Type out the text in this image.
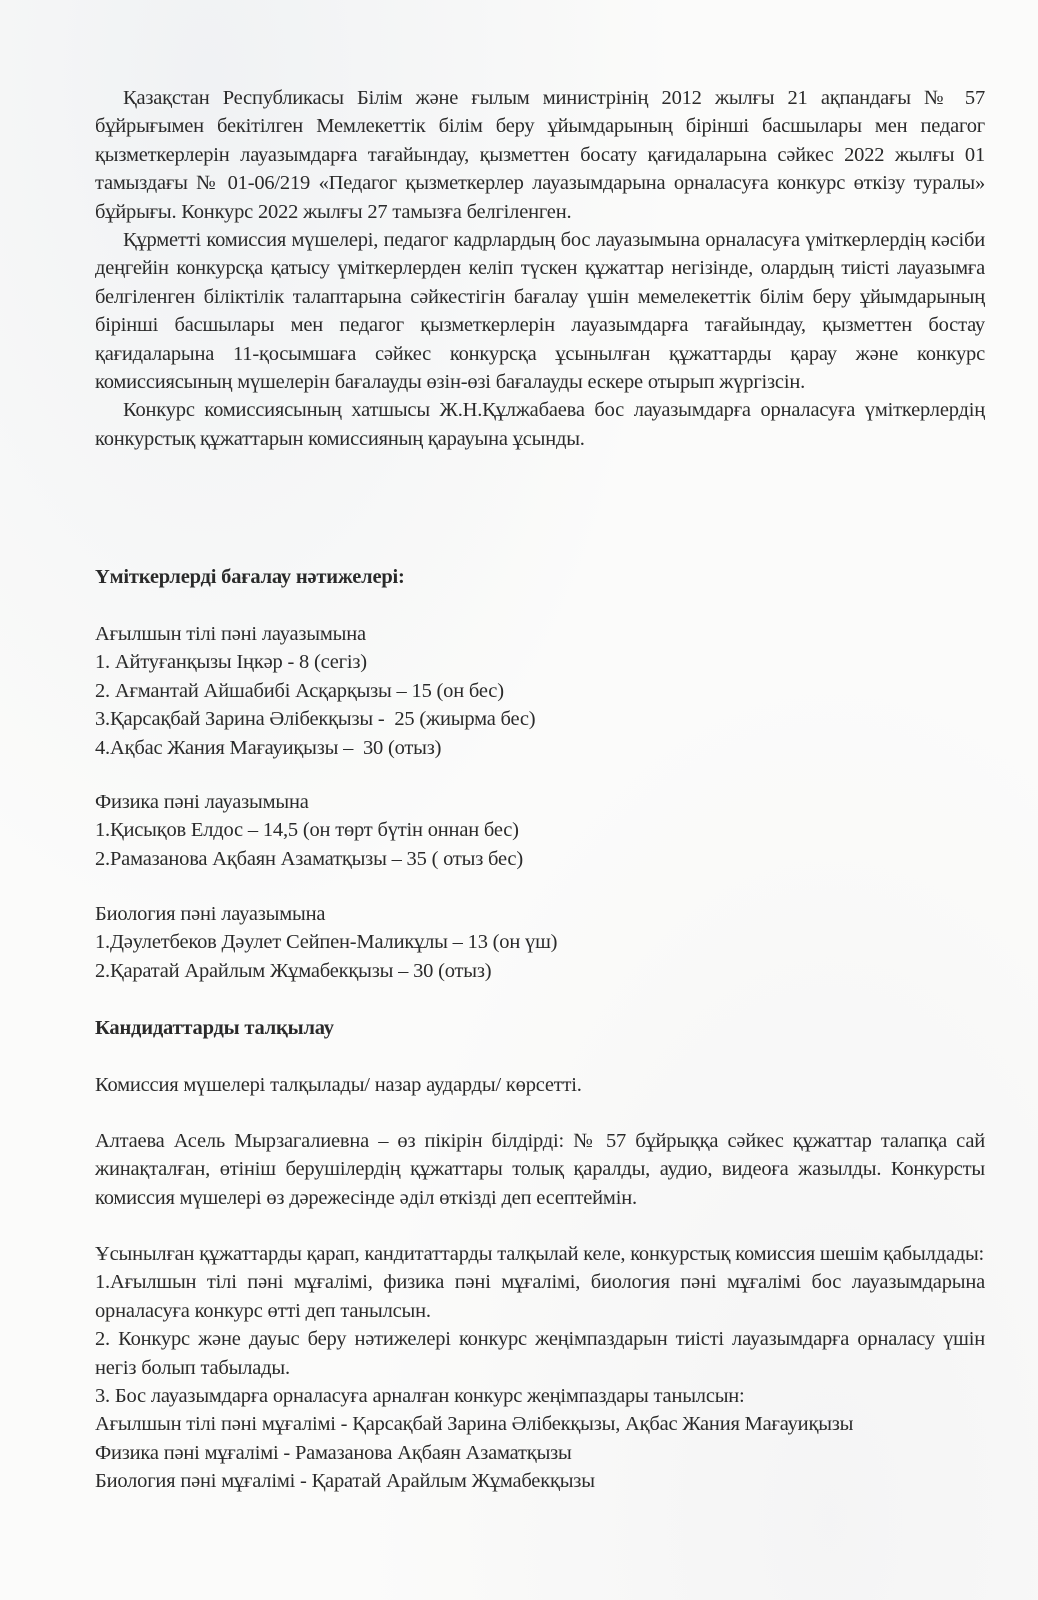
Қазақстан Республикасы Білім және ғылым министрінің 2012 жылғы 21 ақпандағы № 57 бұйрығымен бекітілген Мемлекеттік білім беру ұйымдарының бірінші басшылары мен педагог қызметкерлерін лауазымдарға тағайындау, қызметтен босату қағидаларына сәйкес 2022 жылғы 01 тамыздағы № 01-06/219 «Педагог қызметкерлер лауазымдарына орналасуға конкурс өткізу туралы» бұйрығы. Конкурс 2022 жылғы 27 тамызға белгіленген.

Құрметті комиссия мүшелері, педагог кадрлардың бос лауазымына орналасуға үміткерлердің кәсіби деңгейін конкурсқа қатысу үміткерлерден келіп түскен құжаттар негізінде, олардың тиісті лауазымға белгіленген біліктілік талаптарына сәйкестігін бағалау үшін мемелекеттік білім беру ұйымдарының бірінші басшылары мен педагог қызметкерлерін лауазымдарға тағайындау, қызметтен бостау қағидаларына 11-қосымшаға сәйкес конкурсқа ұсынылған құжаттарды қарау және конкурс комиссиясының мүшелерін бағалауды өзін-өзі бағалауды ескере отырып жүргізсін.

Конкурс комиссиясының хатшысы Ж.Н.Құлжабаева бос лауазымдарға орналасуға үміткерлердің конкурстық құжаттарын комиссияның қарауына ұсынды.

Үміткерлерді бағалау нәтижелері:
Ағылшын тілі пәні лауазымына
1. Айтуғанқызы Іңкәр - 8 (сегіз)
2. Ағмантай Айшабибі Асқарқызы – 15 (он бес)
3.Қарсақбай Зарина Әлібекқызы -  25 (жиырма бес)
4.Ақбас Жания Мағауиқызы –  30 (отыз)
Физика пәні лауазымына
1.Қисықов Елдос – 14,5 (он төрт бүтін оннан бес)
2.Рамазанова Ақбаян Азаматқызы – 35 ( отыз бес)
Биология пәні лауазымына
1.Дәулетбеков Дәулет Сейпен-Маликұлы – 13 (он үш)
2.Қаратай Арайлым Жұмабекқызы – 30 (отыз)
Кандидаттарды талқылау
Комиссия мүшелері талқылады/ назар аударды/ көрсетті.
Алтаева Асель Мырзагалиевна – өз пікірін білдірді: № 57 бұйрыққа сәйкес құжаттар талапқа сай жинақталған, өтініш берушілердің құжаттары толық қаралды, аудио, видеоға жазылды. Конкурсты комиссия мүшелері өз дәрежесінде әділ өткізді деп есептеймін.

Ұсынылған құжаттарды қарап, кандитаттарды талқылай келе, конкурстық комиссия шешім қабылдады:

1.Ағылшын тілі пәні мұғалімі, физика пәні мұғалімі, биология пәні мұғалімі бос лауазымдарына орналасуға конкурс өтті деп танылсын.

2. Конкурс және дауыс беру нәтижелері конкурс жеңімпаздарын тиісті лауазымдарға орналасу үшін негіз болып табылады.

3. Бос лауазымдарға орналасуға арналған конкурс жеңімпаздары танылсын:

Ағылшын тілі пәні мұғалімі - Қарсақбай Зарина Әлібекқызы, Ақбас Жания Мағауиқызы
Физика пәні мұғалімі - Рамазанова Ақбаян Азаматқызы
Биология пәні мұғалімі - Қаратай Арайлым Жұмабекқызы
